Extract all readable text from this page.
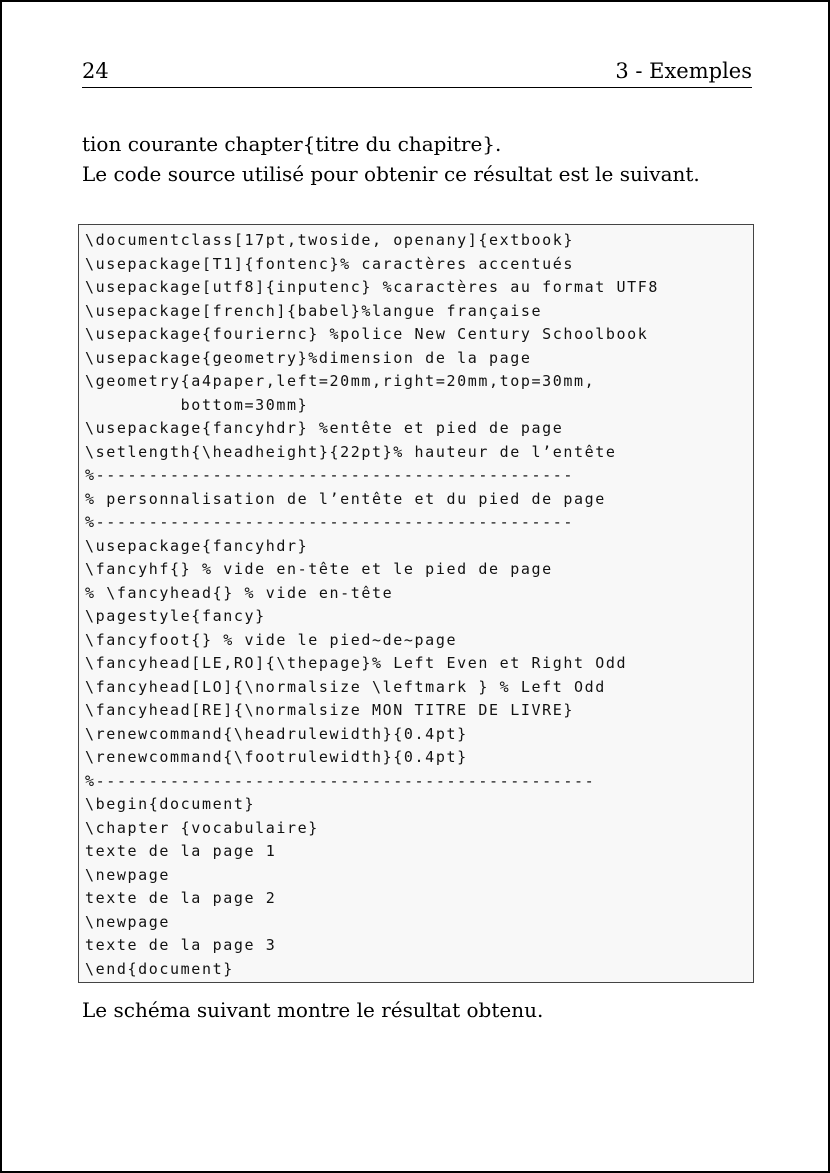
24	3 - Exemples
tion courante chapter{titre du chapitre}.
Le code source utilisé pour obtenir ce résultat est le suivant.
\documentclass[17pt,twoside, openany]{extbook}
\usepackage[T1]{fontenc}% caractères accentués
\usepackage[utf8]{inputenc} %caractères au format UTF8
\usepackage[french]{babel}%langue française
\usepackage{fouriernc} %police New Century Schoolbook
\usepackage{geometry}%dimension de la page
\geometry{a4paper,left=20mm,right=20mm,top=30mm,
bottom=30mm}
\usepackage{fancyhdr} %entête et pied de page
\setlength{\headheight}{22pt}% hauteur de l’entête
%---------------------------------------------
% personnalisation de l’entête et du pied de page
%---------------------------------------------
\usepackage{fancyhdr}
\fancyhf{} % vide en-tête et le pied de page
% \fancyhead{} % vide en-tête
\pagestyle{fancy}
\fancyfoot{} % vide le pied~de~page
\fancyhead[LE,RO]{\thepage}% Left Even et Right Odd
\fancyhead[LO]{\normalsize \leftmark } % Left Odd
\fancyhead[RE]{\normalsize MON TITRE DE LIVRE}
\renewcommand{\headrulewidth}{0.4pt}
\renewcommand{\footrulewidth}{0.4pt}
%-----------------------------------------------
\begin{document}
\chapter {vocabulaire}
texte de la page 1
\newpage
texte de la page 2
\newpage
texte de la page 3
\end{document}
Le schéma suivant montre le résultat obtenu.
